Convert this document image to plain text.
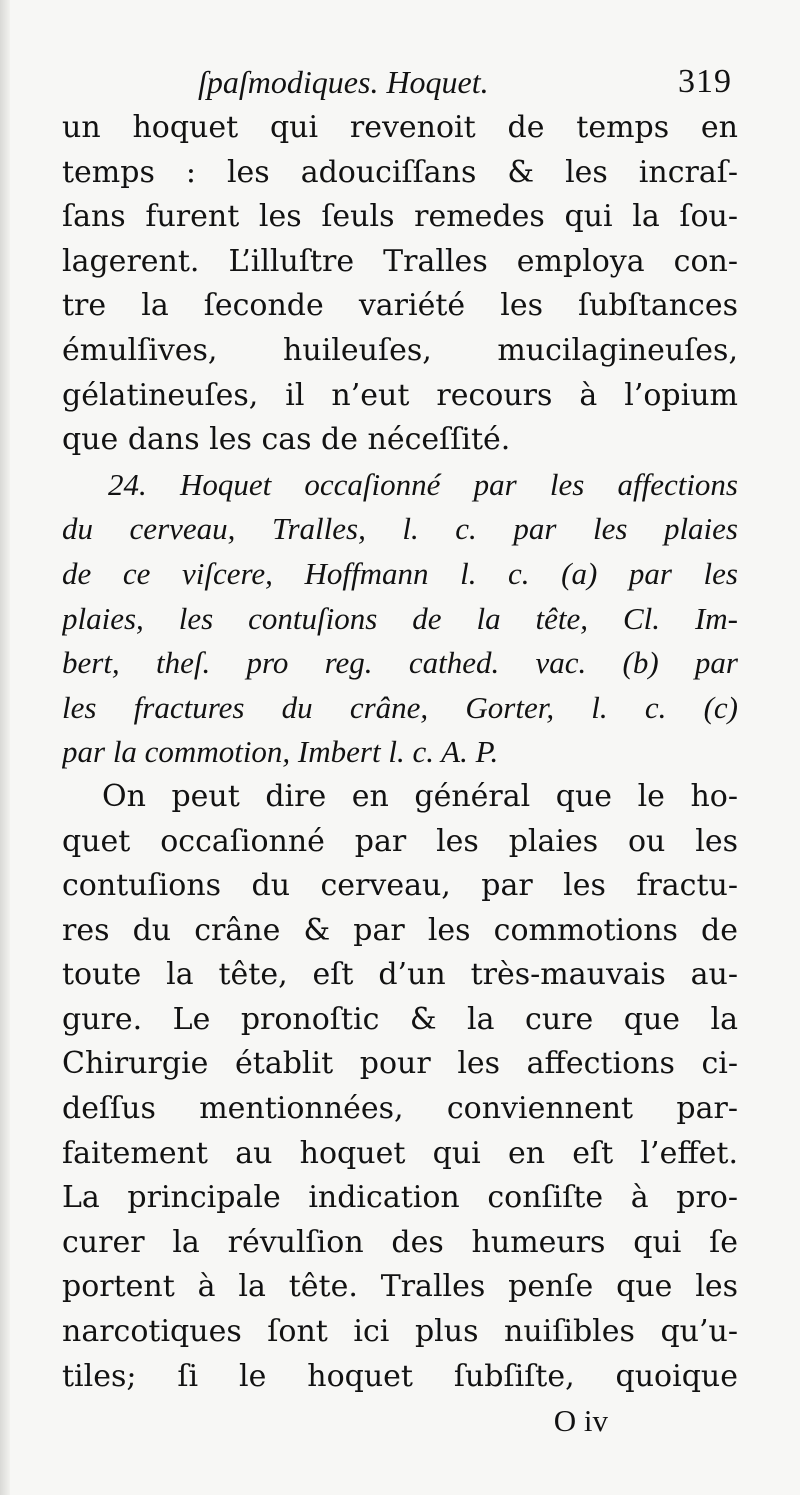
ſpaſmodiques. Hoquet.	319
un hoquet qui revenoit de temps en
temps : les adouciſſans & les incraſ-
ſans furent les ſeuls remedes qui la ſou-
lagerent. L’illuſtre Tralles employa con-
tre la ſeconde variété les ſubſtances
émulſives, huileuſes, mucilagineuſes,
gélatineuſes, il n’eut recours à l’opium
que dans les cas de néceſſité.
24. Hoquet occaſionné par les affections
du cerveau, Tralles, l. c. par les plaies
de ce viſcere, Hoffmann l. c. (a) par les
plaies, les contuſions de la tête, Cl. Im-
bert, theſ. pro reg. cathed. vac. (b) par
les fractures du crâne, Gorter, l. c. (c)
par la commotion, Imbert l. c. A. P.
On peut dire en général que le ho-
quet occaſionné par les plaies ou les
contuſions du cerveau, par les fractu-
res du crâne & par les commotions de
toute la tête, eſt d’un très-mauvais au-
gure. Le pronoſtic & la cure que la
Chirurgie établit pour les affections ci-
deſſus mentionnées, conviennent par-
faitement au hoquet qui en eſt l’effet.
La principale indication conſiſte à pro-
curer la révulſion des humeurs qui ſe
portent à la tête. Tralles penſe que les
narcotiques ſont ici plus nuiſibles qu’u-
tiles; ſi le hoquet ſubſiſte, quoique
O iv
